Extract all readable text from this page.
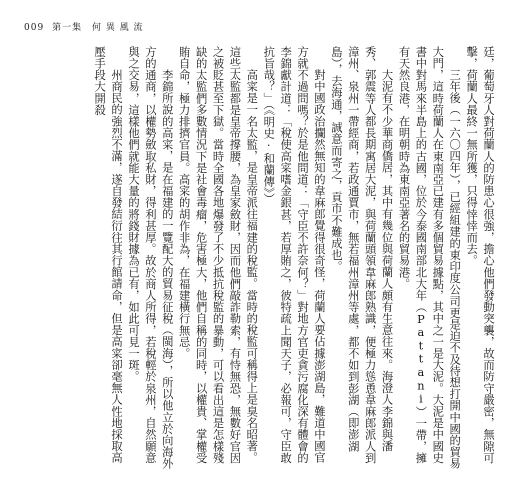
009 第一集 何 異 風 流

廷，葡萄牙人對荷蘭人的防患心很強，擔心他們發動突襲，故而防守嚴密，無隙可擊，荷蘭人最終一無所獲，只得悻悻而去。

三年後（一六〇四年），已經組建的東印度公司更是迫不及待想打開中國的貿易大門，這時荷蘭人在東南亞已建有多個貿易據點，其中之一是大泥。大泥是中國史書中對馬來半島上的古國，位於今泰國南部北大年（Pattani）一帶，擁有天然良港，在明朝時為東南亞著名的貿易港。

大泥有不少華商僑居，其中有幾位與荷蘭人頗有生意往來。海澄人李錦與潘秀、郭震等人都長期寓居大泥，與荷蘭頭領韋麻郎熟識，便極力慫恿韋麻郎派人到漳州、泉州一帶經商，若政通賈市，無若福州漳州等處，都不如到彭湖（即澎湖島），去海通，誠意而寄之，貢市不難成也。

對中國政治攔然無知的韋麻郎覺得很奇怪，荷蘭人要佔據澎湖島，難道中國官方就不過問嗎？於是他問道：「守臣不許奈何？」對地方官吏貪污腐化深有體會的李錦獻計道：「稅使高寀嗜金銀甚，若厚賄之，彼特疏上聞天子，必報可，守臣敢抗旨哉？」（《明史·和蘭傳》）

高寀是一名太監，是皇帝派往福建的稅監。當時的稅監可稱得上是臭名昭著。這些太監都是皇帝撐腰，為皇家斂財，因而他們敲詐勒索，有恃無恐，無數好官因之被貶甚至下獄。當時全國各地爆發了不少抵抗稅監的暴動，可以看出這是怎樣殘缺的太監們多數情況下是社會毒瘤，危害極大，他們自稱的同時，以權貴、掌權受賄自命，極力排擠官員。高寀的胡作非為，在福建橫行無忌。

李錦所說的高寀，是在福建的一覽配大的貿易征稅（閩海），所以他立於向海外方的通商，以權勢斂取私財，得利甚厚。故於商人所得，若稅輕於泉州，自然願意與之交易，這樣他們就能大量的將錢財據為已有，如此可見一斑。

州商民的強烈不滿，遂自發結衍往其行館請命，但是高寀卻毫無人性地採取高壓手段大開殺
